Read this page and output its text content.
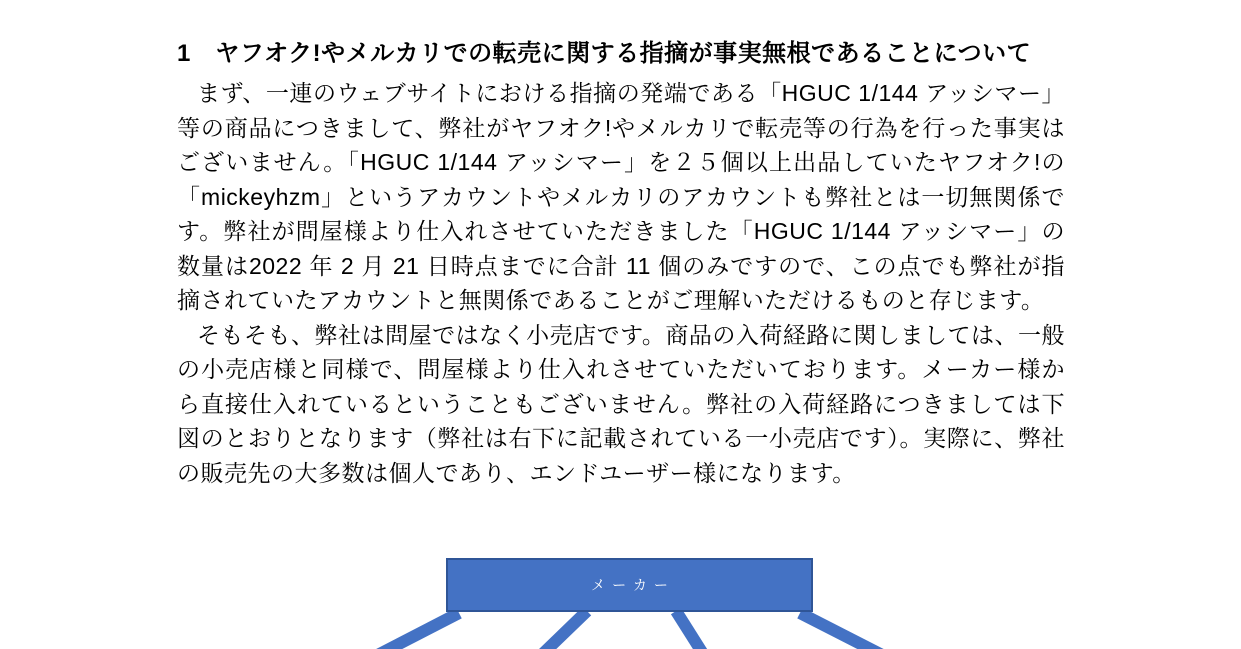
1　ヤフオク!やメルカリでの転売に関する指摘が事実無根であることについて

まず、一連のウェブサイトにおける指摘の発端である「HGUC 1/144 アッシマー」等の商品につきまして、弊社がヤフオク!やメルカリで転売等の行為を行った事実はございません。「HGUC 1/144 アッシマー」を２５個以上出品していたヤフオク!の「mickeyhzm」というアカウントやメルカリのアカウントも弊社とは一切無関係です。弊社が問屋様より仕入れさせていただきました「HGUC 1/144 アッシマー」の数量は2022 年 2 月 21 日時点までに合計 11 個のみですので、この点でも弊社が指摘されていたアカウントと無関係であることがご理解いただけるものと存じます。

そもそも、弊社は問屋ではなく小売店です。商品の入荷経路に関しましては、一般の小売店様と同様で、問屋様より仕入れさせていただいております。メーカー様から直接仕入れているということもございません。弊社の入荷経路につきましては下図のとおりとなります（弊社は右下に記載されている一小売店です）。実際に、弊社の販売先の大多数は個人であり、エンドユーザー様になります。

メーカー
